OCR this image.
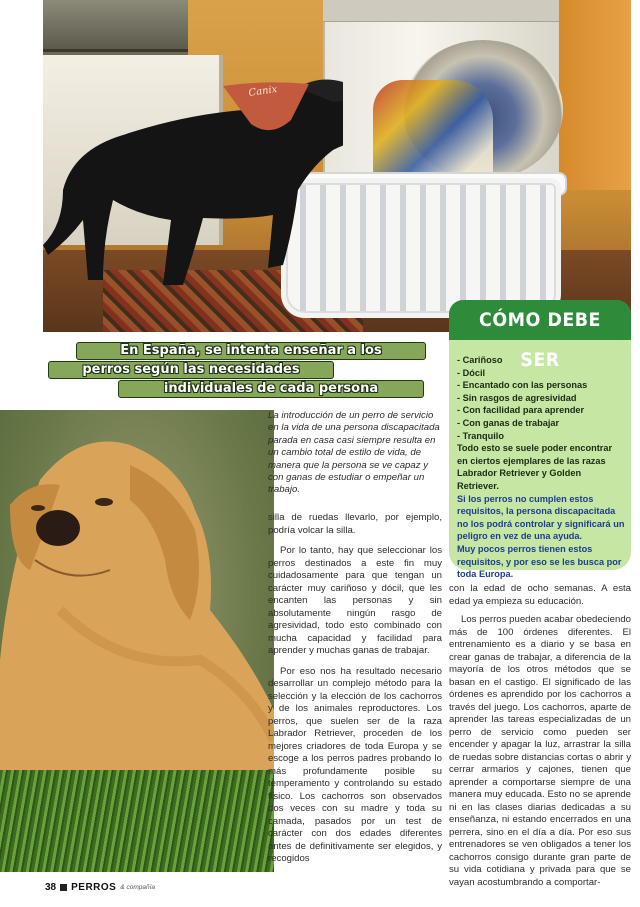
Canix
- Cariñoso
- Dócil
- Encantado con las personas
- Sin rasgos de agresividad
- Con facilidad para aprender
- Con ganas de trabajar
- Tranquilo

Todo esto se suele poder encontrar en ciertos ejemplares de las razas Labrador Retriever y Golden Retriever.

Si los perros no cumplen estos requisitos, la persona discapacitada no los podrá controlar y significará un peligro en vez de una ayuda.

Muy pocos perros tienen estos requisitos, y por eso se les busca por toda Europa.

CÓMO DEBE SER
En España, se intenta enseñar a los
perros según las necesidades
individuales de cada persona
La introducción de un perro de servicio en la vida de una persona discapacitada parada en casa casi siempre resulta en un cambio total de estilo de vida, de manera que la persona se ve capaz y con ganas de estudiar o empeñar un trabajo.

silla de ruedas llevarlo, por ejemplo, podría volcar la silla.

Por lo tanto, hay que seleccionar los perros destinados a este fin muy cuidadosamente para que tengan un carácter muy cariñoso y dócil, que les encanten las personas y sin absolutamente ningún rasgo de agresividad, todo esto combinado con mucha capacidad y facilidad para aprender y muchas ganas de trabajar.

Por eso nos ha resultado necesario desarrollar un complejo método para la selección y la elección de los cachorros y de los animales reproductores. Los perros, que suelen ser de la raza Labrador Retriever, proceden de los mejores criadores de toda Europa y se escoge a los perros padres probando lo más profundamente posible su temperamento y controlando su estado físico. Los cachorros son observados dos veces con su madre y toda su camada, pasados por un test de carácter con dos edades diferentes antes de definitivamente ser elegidos, y recogidos

con la edad de ocho semanas. A esta edad ya empieza su educación.

Los perros pueden acabar obedeciendo más de 100 órdenes diferentes. El entrenamiento es a diario y se basa en crear ganas de trabajar, a diferencia de la mayoría de los otros métodos que se basan en el castigo. El significado de las órdenes es aprendido por los cachorros a través del juego. Los cachorros, aparte de aprender las tareas especializadas de un perro de servicio como pueden ser encender y apagar la luz, arrastrar la silla de ruedas sobre distancias cortas o abrir y cerrar armarios y cajones, tienen que aprender a comportarse siempre de una manera muy educada. Esto no se aprende ni en las clases diarias dedicadas a su enseñanza, ni estando encerrados en una perrera, sino en el día a día. Por eso sus entrenadores se ven obligados a tener los cachorros consigo durante gran parte de su vida cotidiana y privada para que se vayan acostumbrando a comportar-

38 PERROS & compañía
